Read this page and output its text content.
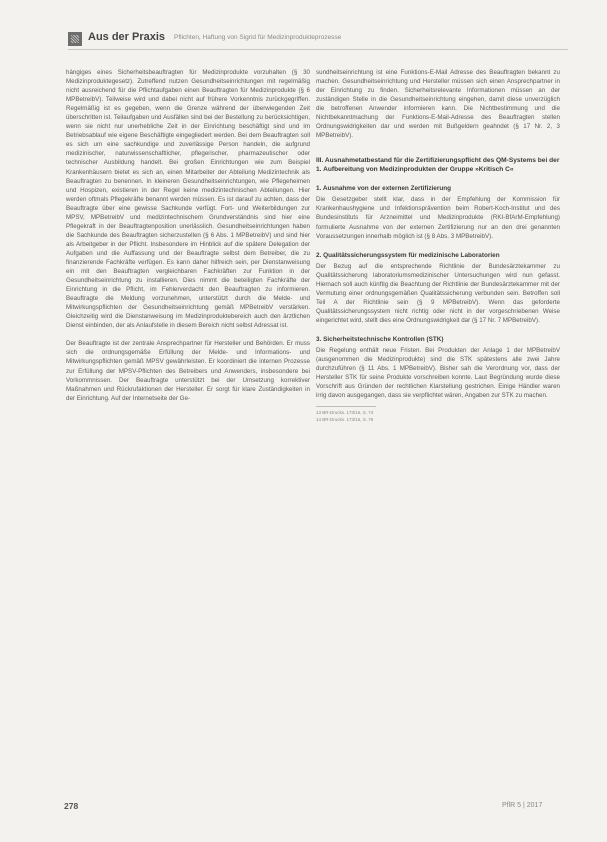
Aus der Praxis Pflichten, Haftung von Sigrid für Medizinprodukteprozesse

hängiges eines Sicherheitsbeauftragten für Medizinprodukte vorzuhalten (§ 30 Medizinproduktegesetz). Zutreffend nutzen Gesundheitseinrichtungen mit regelmäßig nicht ausreichend für die Pflichtaufgaben einen Beauftragten für Medizinprodukte (§ 6 MPBetreibV). Teilweise wird und dabei nicht auf frühere Vorkenntnis zurückgegriffen. Regelmäßig ist es gegeben, wenn die Grenze während der überwiegenden Zeit überschritten ist. Teilaufgaben und Ausfällen sind bei der Bestellung zu berücksichtigen, wenn sie nicht nur unerhebliche Zeit in der Einrichtung beschäftigt sind und im Betriebsablauf wie eigene Beschäftigte eingegliedert werden. Bei dem Beauftragten soll es sich um eine sachkundige und zuverlässige Person handeln, die aufgrund medizinischer, naturwissenschaftlicher, pflegerischer, pharmazeutischer oder technischer Ausbildung handelt. Bei großen Einrichtungen wie zum Beispiel Krankenhäusern bietet es sich an, einen Mitarbeiter der Abteilung Medizintechnik als Beauftragten zu benennen. In kleineren Gesundheitseinrichtungen, wie Pflegeheimen und Hospizen, existieren in der Regel keine medizintechnischen Abteilungen. Hier werden oftmals Pflegekräfte benannt werden müssen. Es ist darauf zu achten, dass der Beauftragte über eine gewisse Sachkunde verfügt. Fort- und Weiterbildungen zur MPSV, MPBetreibV und medizintechnischem Grundverständnis sind hier eine Pflegekraft in der Beauftragtenposition unerlässlich. Gesundheitseinrichtungen haben die Sachkunde des Beauftragten sicherzustellen (§ 6 Abs. 1 MPBetreibV) und sind hier als Arbeitgeber in der Pflicht. Insbesondere im Hinblick auf die spätere Delegation der Aufgaben und die Auffassung und der Beauftragte selbst dem Betreiber, die zu finanzierende Fachkräfte verfügen. Es kann daher hilfreich sein, per Dienstanweisung ein mit den Beauftragten vergleichbaren Fachkräften zur Funktion in der Gesundheitseinrichtung zu installieren. Dies nimmt die beteiligten Fachkräfte der Einrichtung in die Pflicht, im Fehlerverdacht den Beauftragten zu informieren. Beauftragte die Meldung vorzunehmen, unterstützt durch die Melde- und Mitwirkungspflichten der Gesundheitseinrichtung gemäß MPBetreibV verstärken. Gleichzeitig wird die Dienstanweisung im Medizinproduktebereich auch den ärztlichen Dienst einbinden, der als Anlaufstelle in diesem Bereich nicht selbst Adressat ist.

Der Beauftragte ist der zentrale Ansprechpartner für Hersteller und Behörden. Er muss sich die ordnungsgemäße Erfüllung der Melde- und Informations- und Mitwirkungspflichten gemäß MPSV gewährleisten. Er koordiniert die internen Prozesse zur Erfüllung der MPSV-Pflichten des Betreibers und Anwenders, insbesondere bei Vorkommnissen. Der Beauftragte unterstützt bei der Umsetzung korrektiver Maßnahmen und Rückrufaktionen der Hersteller. Er sorgt für klare Zuständigkeiten in der Einrichtung. Auf der Internetseite der Ge-

sundheitseinrichtung ist eine Funktions-E-Mail Adresse des Beauftragten bekannt zu machen. Gesundheitseinrichtung und Hersteller müssen sich einen Ansprechpartner in der Einrichtung zu finden. Sicherheitsrelevante Informationen müssen an der zuständigen Stelle in die Gesundheitseinrichtung eingehen, damit diese unverzüglich die betroffenen Anwender informieren kann. Die Nichtbestimmung und die Nichtbekanntmachung der Funktions-E-Mail-Adresse des Beauftragten stellen Ordnungswidrigkeiten dar und werden mit Bußgeldern geahndet (§ 17 Nr. 2, 3 MPBetreibV).

III. Ausnahmetatbestand für die Zertifizierungspflicht des QM-Systems bei der 1. Aufbereitung von Medizinprodukten der Gruppe »Kritisch C«
1. Ausnahme von der externen Zertifizierung

Die Gesetzgeber stellt klar, dass in der Empfehlung der Kommission für Krankenhaushygiene und Infektionsprävention beim Robert-Koch-Institut und des Bundesinstituts für Arzneimittel und Medizinprodukte (RKI-BfArM-Empfehlung) formulierte Ausnahme von der externen Zertifizierung nur an den drei genannten Voraussetzungen innerhalb möglich ist (§ 8 Abs. 3 MPBetreibV).

2. Qualitätssicherungssystem für medizinische Laboratorien

Der Bezug auf die entsprechende Richtlinie der Bundesärztekammer zu Qualitätssicherung laboratoriumsmedizinischer Untersuchungen wird nun gefasst. Hiernach soll auch künftig die Beachtung der Richtlinie der Bundesärztekammer mit der Vermutung einer ordnungsgemäßen Qualitätssicherung verbunden sein. Betroffen soll Teil A der Richtlinie sein (§ 9 MPBetreibV). Wenn das geforderte Qualitätssicherungssystem nicht richtig oder nicht in der vorgeschriebenen Weise eingerichtet wird, stellt dies eine Ordnungswidrigkeit dar (§ 17 Nr. 7 MPBetreibV).

3. Sicherheitstechnische Kontrollen (STK)

Die Regelung enthält neue Fristen. Bei Produkten der Anlage 1 der MPBetreibV (ausgenommen die Medizinprodukte) sind die STK spätestens alle zwei Jahre durchzuführen (§ 11 Abs. 1 MPBetreibV). Bisher sah die Verordnung vor, dass der Hersteller STK für seine Produkte vorschreiben konnte. Laut Begründung wurde diese Vorschrift aus Gründen der rechtlichen Klarstellung gestrichen. Einige Händler waren irrig davon ausgegangen, dass sie verpflichtet wären, Angaben zur STK zu machen.

13 BR-Drucks. 173/16, S. 74
14 BR-Drucks. 173/16, S. 76
278	PflR 5 | 2017
